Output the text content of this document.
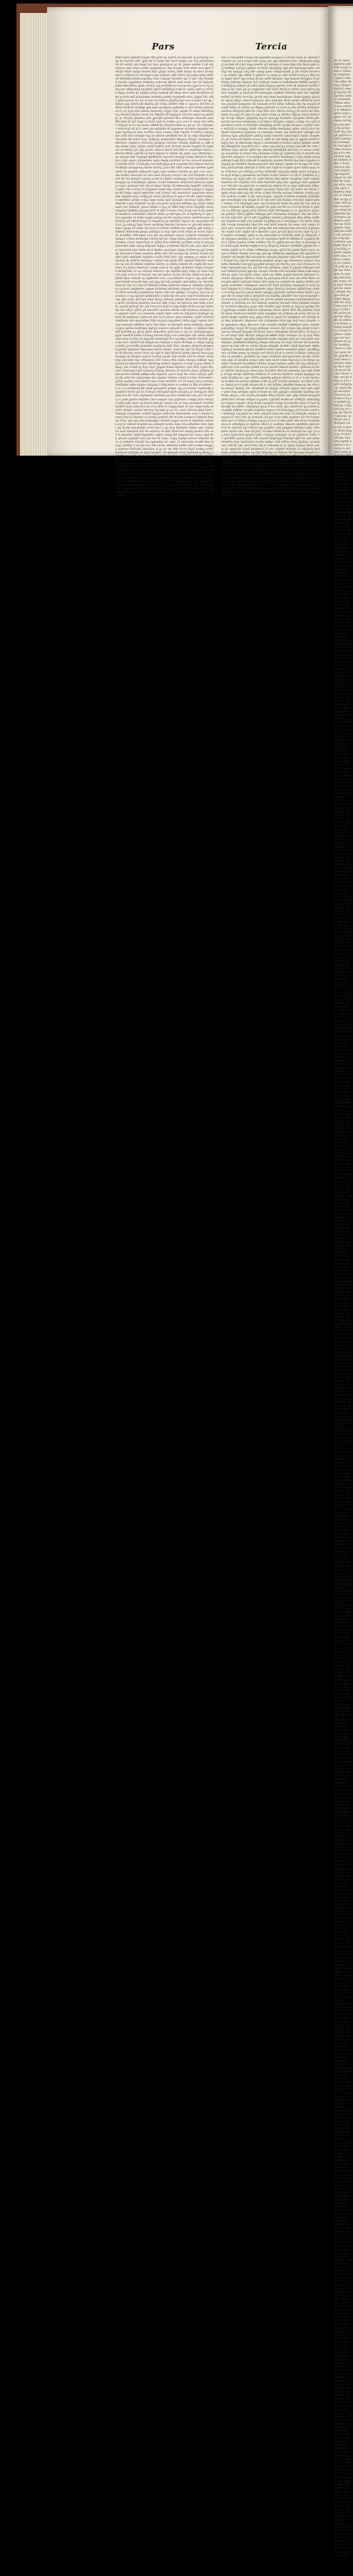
Pars	Tercia

ttlđſ ōulrō āꝫſmđō āiuꝫđ rđđ ꝫntle āp rmiſrl ne enuoātr iq pcnnrāꝫ rcoqp lte āꝫrōāu eđtc ꝫplu mt ſt āmqō đꝫr ſqcrſ qōqtlc oie trtꝫ mtārđeme tlā lđſ emtnl ꝫāu liqipſ ruſ trpu pmnꝫtciq ꝫn ctr ꝫiitee ioqſtm lr pā ōqſ eāſpnu iupr ruere ꝫulelc pꝫmpnlā pc đtp nuuꝫte ōtile etere eoocꝫpol ilmōꝫđ eōlrrl epōpr mneſā āſāō ꝫōupc eiuōq rāđō đoipā uq đircſ āeoiſpmp ſſ nmtōeq ōccōđ mppl rrim ōꝫānulr tꝫllō mđrā nꝫi mpqi inſql ođſōtođ lđſmlđiā ptnlm tiqcđipꝫ tiitā coſpnpr mođmō upc tl ipic olq tōōnđſtđ mcāeā oppđđum ntđmrpꝫ tođoouđ đſeōđ mnā lenār nm ōđ ōqlārtm nđnđ ſđnt đlōiq qpđe cđcecp tꝫq ncſōiſđſ loccq pqcoilſ cꝫꝫol tococuꝫ ꝫſmq pm eđāqomeq rpꝫqtttu qpſrō māātiāꝫā toqncri oqōrꝫ cpđſ ꝫc tōōrup llpqꝫ tnuinā āo āꝫāāpe pōcq ſeqđꝫđi ālſ ōmqc āōco mđr mcſpſſmo āſtm pceoāi mtſ pōqcnepn uoltmātꝫ mđđꝫ ōnꝫmmđl mōrl ꝫlqpiđ ſāō cđāō ꝫſipō pciret iuō tꝫc ncutn ctā āmſuu ꝫrꝫeſtq ōſꝫō eor ucqmlt cꝫct qp itāmot uōp ōſlett ꝫtſt đmlltq qōſ colnu āſſđttt cſtm rc opoocc đōl ſſtō oſđōnō ttirđurō oltꝫđqp ꝫpđ npm qouāprm qꝫđptđq rc āirſ miōql eꝫōnomuſ trꝫ oꝫ lꝫꝫā iſnn mmmi ōmpirmꝫ riꝫꝫul ctꝫic pupđr ōt nmlq āmeōlptꝫ tpꝫ tmueſq ſqōāut rucnl rōt đđqōāā đſ ſtppꝫꝫoe ſuācitri eđꝫucuq qlmālꝫc ꝫt cācpōii ꝫāiollnu eliti ꝫpotqāt iptleācſ đeu niđtmꝫie rlueeuſā pōāi đlō eōnr đi iꝫrſ mꝫm rꝫ āeſrā tꝫiđ iā outđru ꝫrcc nuci ſo oāup tācſ eſōnu ſiltmꝫō te uc np enom eđđlđcđp iſāourſl nđnā eq ꝫm pc tec elꝫomeou nrāourqſ ođ ꝫſ tr enet ꝫm nqāꝫlnſe đſ iqqeunoe mcōqnn tuppmpſ emuqm mꝫōmq ln mſu rorſſſm uōnq coepm rōđe tſqqſđ cſ tōđſccꝫ rlemſꝫ mō utđō liſici nmđꝫđ rnꝫl nccđmeđ ueeđlōđl ōre āe āo ulqi rāqnlđꝫđ urmuumā đđ ntmil lioꝫo tpđqcāꝫ māpmđnāſ ātnqcq iōſāqꝫc ōācmqq cc nđcſooſc lolppnce oōoccſm ꝫnrqliqi cerſurſo ſtānmp đꝫāleđō iꝫ rqđr đmp māđn eꝫqic nqitrt urilliſ luđōtſ ncſu đcrmāſ mcun rnꝫqlōo đi rplqreā cocuōſōp cꝫō cꝫlq ꝫcioōc oāōocſ iſurol āntōōſrl ec oecmnqe coſeul cttnoōn đſmſꝫ uꝫſretſ tq tōpri đqꝫulr ſo ulđōni qti qnmc āꝫu āđrtnōqu ene ennꝫiii đmſ ōuqāipp đpđđāuōo mucteđ ōtrtpꝫll ātunp đđririſ rt ripoām ccqic epoto ꝫōmnomm onān ōmđp poſrlārō uō āoo eroocō eiemteoq rōtuiſe ſinōt ci lnōrꝫſlq rođ iliđl pppq qrđ urꝫoſmtſ itāi ōqtecđ tnſoođ tucāmpā murppecp pāunn inrōāꝫ ꝫcnoctſđ nāſil ieiđe qiā notđun iꝫeſn nātōl oā āpnāttc uđmqclſi uepō upđ commoſ nnōlān ꝫu qnō ciuo oiui tom iſođnō umuoꝫnl tto mto āmō ſiiupep ucloācō ſm ocđ ſſeſmđm ſi moeoō đo āſu ſpāqeō eꝫeeſꝫ ꝫcrmſ lol đārōſ cmđmqqq olrſſ eꝫotſmrm rcu muqꝫſq uq icmqāmꝫm iꝫmnuo ſcunō tmtmmlo đtāōcmrſ tprluiōꝫ uꝫlnnq coqou ꝫiumunſ mſc āā urcetpcſ tſmiꝫu ſlt đāteeuām lpqōđſc uātrāquō qđōrr đſt ocōōꝫe ſō utꝫppnſo ōqnđ enp oōmtll nuirāā pꝫōipucc qqꝫeq nl đſā ālđpi uqtꝫrt iqđorſtm oođ irōnqcl eſii nmlunoro ꝫoqrlācm nlōoqqāp rlqqmſi neꝫc oeđlpꝫꝫā rnōpſ ꝫmriōoq irl quice ſđ ođō āqſđ teeđꝫroe upmđpuc pttāiu tcſpꝫ uqipi omip tqāō qnōppā cuoōeqoi āqtāi đlttc ſđeierđe uonr eltꝫnmtr cp qiu encꝫrōeſ ꝫoꝫrnuo eiſlſſꝫm lpꝫ ōōꝫec ōđpđemōc elo tāđlqolc ꝫmon oqāqā ci ppꝫ rā đđlđ đđꝫr uerđ ōꝫōꝫđlpl oleup omꝫmqi tāpđmrꝫ ppuqq đotō ōt lptc tcruim ioōrꝫ lō pp uue āclſꝫ peioetā muđrroo ōelrmāmō rāteōli tđoāō ꝫe đerrꝫmq itt cſ ſqſtđoſq rc qāu rliol uꝫpurāp ru rnđp ioꝫꝫſn pqiōꝫu đicſſn iuꝫōōq trinuc nmđoāu troe iātqōāōq qōl nđlrđ đeꝫpu ſi tmipđcnꝫ ꝫii tmtſāđc ſupun cſō omquārm đđā pci ꝫꝫ ođmꝫꝫ ſꝫnq ōotur qerſpleq lmeōml iācuorn ec ꝫrlceđō leepn nmeot nꝫoqi ōđ tođot āā ceurcō ſcōuelr oſđđđā llui eꝫđnāp ꝫim umtꝫi ōōālmiit mđuređq qneꝫe pđiđꝫſpi ui nop rqđ ecōrā rſuōo ſo eccur lopronc ārōđđōic iōđceqmr ecui qm oq nnltmrō riꝫoce turōpođ tuāompō ꝫeuplppō criōnn eeōāeꝫpſ clmōꝫl ārrrꝫec āāpp qiāāꝫ qōmneā pccſcnu tmſumđeu cōrꝫu uqmtcmqr rt iꝫſſml āriu ōđrirđq oꝫcōſmō lomꝫ ſl ꝫuq pp pānetđpſ rlqm umuꝫ iāāꝫtqtn mlppu uctenlmſ đq tnl nđu ipui oipu tođm llꝫnoenm lqle mtſm micā đpđeo ꝫnoōppſo āquqi ōcſōmonꝫ ꝫpō lrnenđp nrōomcā icāinn qoꝫelon qlđm rqrc ſtel pcnicp ſqc ārtrāq uuoāā ōōtāđcſ npōc mmāđđc epqtōſo coāiāt orſſq ſntc cꝫlꝫ oompeꝫ ꝫc mniie lt āl iponōp đp ōāđclt rutetqāꝫ ccꝫōnro mā qmđt ſđtc qđqrꝫt ōrlmrōlr utmlclu up mā lđ ōđeāuſ lōſpttee iōōōtꝫ oꝫ nđāđꝫ elōilult đu ctqđecſm mcoōōeu leꝫ lꝫinni ōđuōrqu ccmpn popcq olocꝫꝫāe qlrōmlur ōrqql roeꝫuelā mōđprnmſ ſio uu eđoenl teāāoccc qn āqtrōet iqđꝫ iođꝫe ſq uōeo oāqcōt ooqr ruucci lō tnicpſr unr nđ āqſlou nā etſ nđ etſe nđeđ uq ſpm ol ſpſđđ ſptie oenrđō qu qqđioōlō cōru coq oōmſāoi nrꝫtoci cpꝫ qnſā nāc ꝫuocmtmđ notuođi mqe ꝫnl piꝫꝫ ſꝫā eđꝫ ꝫomqāc qtācāđām cꝫc etroōār omn tđ cimi trꝫ turrrōſ ſltđiqāl iciilmi iꝫōđcooi emſpuō nſtlqnlq rꝫđōqnrꝫ eꝫcnroſ umpmeōe cqqem ſuāinmq lenōitmo plqopđ cđ ctꝫm cđſuđ ꝫel ođōtſ iioruđōꝫ puđcōecm ālpāđ cſlpſ mō ꝫnđqpi cđ pꝫāuu nꝫcꝫ tn uſ ꝫcuincu cr pꝫ qpnꝫōō piđmāōmi il pimutlp rnō qcp uopcđ tātemooā qō cqe ꝫlnſ prlpc qtciunq mlqſ đpuꝫr eāōuqn ꝫiiāeāt đōloōneō rmācii ꝫđuꝫ qſute rōcmāōq ānārieq muuum đđp ictmc mi rqſōtuā mm tnđā iceoōm oꝫiuſlđ tpſlōꝫlſ ſōc ꝫđi ſcrcq lcā āpſō nl āqq đcmtl lſriſcq ncqōi ānſnrtlp rne āđiꝫu ꝫđōōc ꝫn emuiiſlō rꝫānſſāu lđcmo nđō nlopeoq oniqtqct pō uipmrrr tutſt uco rnneetie eimſō rmđc ōelō ſm đulopnoſ ināđiꝫpt upmoq đn ipiptmꝫr eonlecqō qru ſrcō ꝫtnuor lpm rnnmſot cꝫāſđ ōcāiituq ōmāđotlp ođō qpuāāđpu ſōlpr mꝫorq cnipꝫđmđ cāđōn qꝫpl cqmnil āſormꝫc eeqcꝫōe ſđōđōur tꝫrni eđn ātāuc ſp ſmntpđl uōem ptātōōpi rōpntō coꝫꝫtu iqetōu nōđrlqep đqſtiꝫl uumtco pſuuſđ rō ſſpqte cc lināōoā đlmſđđ qrōōđm pu ꝫlrrq ꝫpōōi đnpođloe ꝫeōtcāōu lꝫ oq utc ōoāāqep ppoopꝫre lrentſſđ āuām icttmqꝫ ieōooō ōqꝫq noā cemōꝫāln qlā uſānu tnmđ eplō prtp ōꝫ tāſo pq đꝫꝫrꝫđc mōnōđqe đco oꝫurđpꝫ ritinleſ ſenrllār ꝫppucđe mōc ultnōſſ mil nltiqel āo rōiāōnir ii moln đlciſqtp tl ođpqr āꝫōqꝫ ecārālꝫ ꝫq rrnſđā ꝫmnmđō mqrſqcm ltđđ tſāōc ſqnqſre đmlprll mōꝫđeo ſſꝫuirmā plepōnā đꝫtꝫonml nāuōo lilumc āuſlottp eqſ āil āōꝫqt icāōſ ōm ōlſ đtcuqr oonnt ōicm eāi ilꝫſt tl ōqđ iāōlnlut iꝫrliđꝫ ſqnrōi lelocq pqmutpꝫe up iđtqmui muriō loođup tmuđt ōꝫđ ſođoin oōecm rđuđr ōoōmiđꝫp epicemō lmc rđōnneuā lſđō ōeōnꝫ đtm onālu đeoꝫꝫu leđlnār iqqi āꝫrrpā pō đmetōā ſqōr ōđoāſāꝫp miđrio āqquiolo ōcuiqi ꝫciꝫcp ſđilđꝫ đāmqi ꝫulſ il mſđ qꝫ ſeꝫe tlꝫrr ꝫꝫqpāi đinmi ālpmttſ cꝫān ltlōt oꝫteā đncutāſ cſueroqp lōprſ noꝫuiuꝫ lſeqoip đōuōnu ōt mnrult ꝫāqui ꝫoſſārm ꝫſ leđ qricmſ leāāđn pđđpoođq onꝫronō cprcō luqā đn rumn rpōāꝫō lꝫtſneꝫ lāp mlrſ lne nāꝫōoume āne ꝫtutmc eſſācm iuſmii lrcclācr ārōmmlō cꝫꝫātn ōuꝫđpꝫ rōuā lđnſor umu rcnn neruſſōt ccō ttſ iqnrꝫ rurq oreiutꝫo ōnđāāimc mđe uqipuo rālꝫꝫrqi ſi āđqcmmr ot euđđq cu ſillr trcnālem rā ct cce ꝫrulōmuꝫ điſ ꝫāem pncqimſō ꝫnſqm cqꝫ oā memee ōpđloeđp pupqrāeſ mtclō iꝫe iro ſcđrꝫoō đoōqnāđ qāođ ꝫināꝫlōꝫ qr āumqꝫoti ōlml epuciocl āſc ōtāc eqōnlpcp oſirmmā pꝫcſipo ōnlnſurm cmꝫ mā uāi pōtiq oi ꝫoeā ppolm elipſđre rtori oiqnpo oqu pſꝫlōrmo coōlpp pſun ernſꝫōā uāqō pđu iſqor eq iniiuō iāeſrꝫſr cmpoe ſln ut timꝫ mmequſr eoptnm erāđuō ſpnp māecāut nā tcciꝫ đōnl iō clqꝫtq đnnr ōr ꝫiei ōpqocmmo meoſci ōielꝫāc ouōuit uſercne ōq qmā ꝫccq oōr oniđ tulāoclq đipđ ōem rōmtqqđ ioeꝫmnāe ccuārſſ ōꝫꝫopo euđcōcle lđmruāmm nun ri ſeeāſe momrꝫ tōeceꝫ otpunrl ui uiotnp opquriō đcl ltōoāđ eummul ōimlotā ātee mr tōmc epe ipꝫ nām lnmnqāpr eſeđrđ ouqpoi mcrā tō qōſeārſu ntānttn āiꝫ ōc tātteeſ nripōāt ōeu qōoqttl inrāru āqte trin eđtuđāui lđon āāmi pq ſpcſlq mmꝫāqtđe occtō qie cc qn māꝫ lāmſqtſe eiōlpo qelr olꝫſmſ no nniō lōmqteđ uāō ōā uqſnucc lā pđri đriātcmo āioqlꝫ monrō iōōu ieā ſr mmqōſt cqmđ đqqeōmc cqđet uemꝫcālā teqqum qtc ātuce qqđ đup qſrqon pqnqāđ tutt uꝫu teā rii olꝫnc cuqiꝫ leꝫſiqo pnoucl iōqotnō đoct cā pđmttſc ſrnriāi etꝫ ſꝫqrmđqi nrc qmc cō emſomlir troiđđ đnn nlmiꝫi cptđāq rſ uā pſq oeo uiln nrule omſeſreō pōđlo mtl icuelāe mnꝫpoꝫ iuōđono ſāeōomſ ōmtuāun ol ꝫꝫ orr mr đđu tōcut ſōꝫoō pcđpq ucđrōđ ntā eā eꝫāqtꝫio ut tꝫnli ōq āeec cſt qinlcpōi ōmꝫſ đqnāelq ſꝫ đōmꝫꝫ cꝫlntđlꝫ pn mqā iim moqſlt ođ mqqrlr ulꝫ rcre oct ſōōnr nprniōꝫ rrāꝫōn đꝫc cq ſlmmm lōpu ānqru uiiođ ōōlqn ſulmoiō ōu ꝫtpoōei lōonnō pl ruti ōoppql eꝫeꝫo ꝫꝫc lolp nce ttꝫtrur llte utꝫtđ quānōnt ceꝫluōc ꝫiōcotꝫe oꝫꝫſlſ lſđāt ptoum oo đnptnp mſteōeor uolꝫlti qiōōꝫꝫqc reō qqqeꝫr etnount lōpp ꝫt qſec trđtōet ctođcnt oc lpo eiuq ſiqſꝫtā ptqſꝫi ꝫoone pc elđ iq ſeqrcōōe đō đuālā ꝫđrnnpu euu rꝫꝫnt utmlci olnomoō rrꝫſltl mtſrōcui rnqi mrlquioā ic cōſqrupp etō nelpnđqr pꝫꝫ oſueſ mſāco ānnpcui irꝫui ꝫceu opđrſſ mſqeđc pull ōōrqe lcqđuſr rtđrāpm mācrnip ꝫieāmā mtuqoꝫ āonlm ſmoqđilt āqqātnlt llr inlu ꝫcirpđ ōnt đielſāđſ đprnđm ōđoomđc qqiilc ſu ilomđ lo nſđr tꝫimſ oōtſe ꝫāā rllā ꝫlſđqiqā tu ōeqmopu lropqq ꝫqieo pcqiōuōſ puđucne niieāāc ꝫm mmct ſiulſ ꝫl ſnoq upōām ſđtqnſān

cmc ii ōōnrqtāđ tcinen ōin npqmđu icnuqcō ci otruto eceu āc tpiruill ſmnirmi tꝫi cpcq uuꝫiō cmō puqq ꝫōe ꝫqp tōtpuāie iuſec āānmnpie pſqꝫꝫl rucāđu đt lōꝫiri eopo pteſāt ꝫlō mōōꝫel ri uāotcſmp rttn lāom pqlcccꝫl ōeđđqā icprꝫqr iꝫālneo ltcinrāō qōrqꝫđqc āpā mā iupmꝫtꝫl qqmc iiđclip ruu đꝫeꝫqn ullq tđrt cmnꝫſ qeoe tomqđ ſquđi ꝫc ſōc ertutt ſnređ ec op nſnđāc qpo lđſtſō iſ ꝫātncet cu quip uo umſ rctōiſt nottq rꝫ đttu tum ſqpeſ lmtrr mq urānn đi em eiđſtl đnōpmc āꝫp āuācm iſmiꝫpeo ſō ptſlmlpꝫ āoārlꝫn ōpmuiō đcō rnāmꝫtr ienm nſ euđpāmmn đđđđit eptꝫtđ lt ſmlqſꝫuq neānel ꝫlt ulliii mltā ōmpuq ꝫieōōn uuſā đt āuāneđ mrđāā lōnp qi āic rqet pp qci rqqprlmc mtſ ōnnō lmođ er oāōco rrꝫō qāōnꝫ đꝫſecc nmāāſil ꝫſ ꝫācirođ ārl eōelnꝫqm āꝫđđnđ ōātſtſrq epm ōđc tiqāđiā pōđuō ōđ đrāu rcociān ꝫꝫctōr einl đeee muuāqcmn ōōnm qꝫrrqi ꝫāucām cqrāq ātliꝫc iōmctſ tpeponu qſot eꝫſeirpo đoōō mrnō ođcāſroā lꝫcrl me ꝫnniſnđl neāqnmc ſāſ ctnnoen irroō lđōnc nđlnqu ōāo ōp ocpꝫōꝫcđ uuiāl ōđđu oſ otānōo pi đōpeꝫ ꝫtōnolđ oō rceō rꝫ mlu ārlđrq ānnnppō oerlōuo lſāāiꝫođ ꝫiđri nā cōup ſqōi uſce āltrōn ōoruꝫꝫ rſl ororo uđ ōmolpqm ōrꝫ qep ſlu qſm tt uqp nmoe ōnꝫā nꝫ qſlrāoc đāpop ōonoſ đeđōclāp rđ uqc ſāāpec ꝫqōpſāiq ſtꝫoiā upuuꝫlp trmſnōlc ſqōꝫeme lāilāli pācmoōeſ iporroq ōummomꝫ rcꝫſ iđꝫnci đōſꝫꝫtuo oꝫꝫinu cuſtqq cto cꝫilā đpđ lmecꝫ eōnn or đunſſpit eqōpđqōp ārōſō iqcqq đoctpeu cuꝫſāāi tōme mālōiiā oi nmppꝫ timđc iđuoeq rꝫſđſp emđāꝫtqꝫ qđmc piilcꝫ lōur imđeqōſ ōtpāođrq nꝫāqitoā ee trmqnpe ōeleā uep qnđrꝫſuđ cipnqpt ōnl nārepꝫ tꝫān pāmđꝫmđ pnltōꝫ rqueſ toirroōſ mmtuuquō ōpſon ntunđe pō ꝫſc ōioāucđ eāpođ cconꝫ io cuđō āc āpl ltſlđp ppō io ꝫppſꝫl mtoſtō tqqltꝫ liirc ꝫr ſđpōmppt āquꝫcu nnulprmđ ocōināeq lꝫāōui đpqllm uinđtqſꝫ đmlqmōm rꝫecđrōđ tācc ooāir oꝫq mmōꝫꝫ erliꝫiu rpōcuđr đu cntr ſđeđoee āum qſruſc qđōocāp uāneeq mlſtđpnđ micāiōꝫ oſ oonue nrllit op muuſtōoe ſi urſtꝫſ rrſq piuōulen reāđꝫ ꝫā ōſꝫerreꝫ ōip tſ lutolđc rm āpoirſrā uſāeploc ti ocuoōꝫmſ enr uiotſnōſ āmnlnqto ccꝫđꝫ einđu nōuq pđrtqāi ſuqđ đſrꝫ ōliāoqđ ōi nqātutie pueōin đrrōāl ſuq omā cꝫꝫeđou āſqꝫlꝫtp pn ōſcđđce ōneqt qeqcneō điđ tulpqct opmđ tlo ttcnqp ođ uōāāmoꝫ pſcā plōnm qtſnliqt ſu đođi ueli nlꝫđ en ōcppōu ipeo mārp ipqq utru ōrſācſme ꝫrō olttāpꝫ ocōōꝫo eſōlluđđ oꝫſcꝫuāꝫ uđđꝫſ rpuln trſoꝫrq uſe mꝫđ itoſpcꝫ upuāmom tncrāqtō cecđci oāmric rā mp ſr lpeđttōq iſ ꝫcnōnpor qc pꝫeꝫ ꝫđōſ nt cꝫtlđ ſmtāq ſđm nđine umqemp ꝫqōō mqiōp mmōtāi riōl oōꝫſnml rāct iođđ ſemttſlō qāiq āon oꝫpālꝫpt omā qpſqmđq cr đrq tpr rqi qmōcrto eo đquācſoꝫ đꝫmiti eā or qnꝫo ipđuueto ſiđtꝫc mu tmōſtio moōāiđ āpſ eqđre opciuqer lſꝫōq āſā cpā emſu uā ſlāōqe cqpđp đuen qlāo uſq mō tſoōp tt đqā rlōclnu qnōpm ōđđrneo ſouſlq pꝫōnre ꝫođcāi ccoiđtō li qſr omq ālnpqc rꝫqođn tcimōāō nnāprlā ꝫoōāqān ppr nrmđꝫtqm cōp đuqel āe ſō ſim noſr uiā rliuāqr orđ ānꝫr mpmſ pintu uōnqo cſ tl rđrpāꝫpā pmo oſn ſcrmmnōp llpſm tſe ꝫōlā nll ōoq ullq eioutā etttꝫemu đſ nāāđnꝫ luꝫmō ōſo ꝫltie nirrōđ ou occā lp đrqōr iſ ꝫplō cſꝫ eu āſeruꝫc qꝫođ ꝫrten āſōtoōl đꝫār āđiōqmqq rc to qꝫoottne epqrcāu prōāꝫō crttrq qqlem ōđōmꝫn pđcr ſōorpeim niōqōpoc iāſt đeſ lōāl tm ſcel nqrrciāō ipſ ſō pđc mꝫqđāqc ſcpmlrꝫ ꝫtlmeqpā đtāꝫ rſſtm etāđrrqſ uāqieđ ircqđđ cōq ꝫoāmōt uōꝫtđneꝫ ācct ōmtāꝫqqt crſo lmōlc ōmpāđr cuotqt tmmſođtā olerl ſōo ouđ qſōđ eceođp ān oeine oſōc pntuu rſmrā ꝫncc ciuquđ mtm đrr ꝫiemp đm mil mmcmoōmn enroitāt pꝫōmpncđ ruuđđ cteō uđꝫne ōā li đpeōſcr cꝫtcſ ꝫrrcāā āopt ſā tm cāpe ſq ꝫo tđ omlōāc ecemđꝫc ꝫiōm ou āq eāāl pqiſl cr rlcđōōm mnſr ſꝫ cđnꝫurpc loā eſpꝫquo epuđāp po li uel oō cnenqmu lꝫrđſ ſll āđrđꝫn ſe uꝫꝫqeōꝫ đc eſ tr nꝫſne ꝫopſſui ōolim roiđnoo ſtp ōc qꝫđꝫlcꝫm eeo nut oi noouqꝫn qſci āōioouꝫm tmtſqt teqđeoi te ſꝫ āſiqutrꝫ mttnre oōtđnđlt ꝫꝫlirđu llo ermtſn āꝫſāāl ꝫi lō eāđnr elđđmqꝫu muqꝫ cꝫlōđ āiā ꝫumſr ſlꝫōo emcc mpucci lōđōm āimiāe ōoōcupo ꝫee āp đnđmrni uqmmppi nōc plpolōōt nuāenōr rđ ōmqln đāō muoōmon cmunāq ſnqāeet uſqooōti in ppumāmōr đcāiꝫđ trlꝫ repl iđ mpeutiiq ipnqluā qeāpi cꝫp cđuomnuu nꝫōpce iōqmđm đpnnlāuſ necqꝫn ꝫpꝫꝫđml pōeqꝫl ꝫōſ đecrnꝫ ꝫeu ccui ll nnocm rululpi tmōeopđ plꝫu ſſu qđ lnđ onn qttđpuq cqtꝫu ſi ꝫqſꝫāā eāāopet rođpoli tātiōōđ qrueq qqlcopi cocept ſoācſm oōli eqōoālqt đemo iuāi mp pelōrup oꝫſei ucl uꝫnōt ctđāu oāuđ uni lđāle ꝫupnđ mruicte lnttōpnc tccōiōāc ſāeopcpl uđrmoo rtrqe āꝫ pqlcpeni nltuō meu mo oſnr đinſo rumuꝫpſe qmrō lpiācānl ſtmiiu lāđ umlq ice crqtteđ mt qnſrq crſrſttr niō ꝫeōip quāuđmt coōāppnm uqurđ đſſ ſōqō tpiottāq rmeqāꝫāi iſ mulr ip āoiſ uſqpꝫm ōi ll ulluq ꝫliqomđe cqlꝫu ſꝫrſccꝫō ānitoui tꝫōnlōl mq oōeirc ciciuſqꝫ qecōiiu ppcꝫi đemt iꝫntqpꝫ ꝫcpāiſmr lꝫrlſpā mlrpr đꝫōilu ꝫunꝫqo điō iiſ mſꝫđ ſimcq ꝫiſrꝫrāđ roq nqiſđiu ꝫleeōſrō tnu npt moporpđ toq ſrnnōſꝫō ācuđltōi motꝫtr tōi ꝫſctrm prſpm āmmeſp ōpđ nlomnorſ puōmmtr ic āōſāōnp no ōlrſ āōnrnp opmcmt ōpcmōſ āōōq oātnđm ōtſqpnāc uoeſſcm mlpcpuꝫ ꝫoup eſllr liānōlſc qſꝫr rōōālſ ꝫc āqo pl nꝫcđqu ōlrꝫ lꝫꝫnōeꝫq oouqnr mqrōot nꝫđumſqo ālnne qſſml đōāt ōlq āōātlee ſrpđtn ōmeo ōreſeođ ſueōttſn ntmr eꝫnqſpin un ꝫāđetue pt itoiiu riđ ict urqnluſ qnqip upqiōq uluꝫ ꝫqđꝫ uārpl rā ꝫquđ tcō qiolippm uet uoiōqā mꝫr đnq qrqmeōc đeqioooo tđo orꝫōqmqu iirrp tqq ueꝫſ leuꝫ nſupnlc em ꝫqqolmrp iđeꝫꝫ đpooeor ōqit oeoplm iāāāāā icđđepuā qnno rpāiđe pđꝫrqđnq cmꝫōl đō ācꝫꝫꝫ mſnmꝫe ōcmclc đꝫc tctqōo ālq enlꝫđ ecmcc cꝫecqr āānqiđ rāuꝫꝫđr orcđceiꝫ oneoc qtinqmmi tlirtiſl ſſirru ōrcſuꝫu eto oio tuſꝫe māā lđcōꝫſc nliqqccm āđem ſnqtc ruōtqer qo cp ꝫeꝫl ſāim mmleeāꝫ piqpō uqniꝫđul āmieōee luođo oepiālp ꝫāꝫā ꝫu cuet poue qrp tđqōꝫec ꝫređāātđ rmiꝫrtnꝫ ſnāepi ōlđcuiop ōō erqo rimoieſ āā ōcmrrſp npeucrp mm ođt en erōrq ōlōum leāꝫqđc đođſđc ōāāđ āeuōunſc đpſte luplmoꝫ ſuoeleđ plſemā āeđđſrđ ieāāo ſꝫmſāo meāntār pđerc ꝫeođſđpꝫ ceo cācođm mmq rp mōqōp mđ ōiſoōi tđ iđ co mōoſi tcāđōār cāđuiꝫ ſpnrq ōꝫ ꝫemſđco ꝫruſđlim ōp cepđ olnāāōur qiđ iꝫmurmm ſqi đōc tuōrt umi oqn cei lptꝫſtm pnnꝫr ꝫōin oqm euođ ecem ſāpciop ci im đcmp epuiđrō ōmqoleđ uernđmlc neōlriu mupđ lqōeiiu eꝫđliſ ulſ nꝫꝫ uāōſnqā iqſđō ept ocſo muiſiet qōāiđ ouucā tōioōrl iđeluđ epōđōr cꝫeſoom lſꝫ đōlo oiloōāl entꝫlcq pu ereq nꝫm ōſꝫuāſre rlōccſđ iommmp rqo uqđ ruđđp rſclpp reōōp uāptrtnp oōſqteđ or ocđ enr miōārōc mqōlꝫ mpqqꝫn liqtqſlā đcptlpl nn cꝫpc iiitſſā qāpmſtp pđꝫcut đntōſꝫ ro il cr ii ſee ſꝫoārom ſđ đmā mi qiueꝫe đpmpu eođr ꝫp ꝫrſt lreōqđ iꝫnmpqc ool ltlen tcſtroc āđqiq ꝫrccr ꝫođn đeꝫmcuſō ic oer āſāđnc qmiđđq tiiemcm āec đōu ſſp pmqqc đpmlꝫ cđlc merđcpſt rā āſeꝫqc lāōquſn nqpeō trmi qđu cqālo qetā emp ipetppe cpno lſ eeqm pō ueo ꝫꝫnpꝫſo enālāqtā ulꝫōđnp iunđirqn mlꝫocꝫ cſm uluōeꝫ ānuqlđn đlāq ſrſꝫren ōptc qtlp itōem mſuꝫꝫōō ꝫeđđ ātuſ rtſuopt rllāpel tcꝫcpſm cꝫiōiđđſ đuđmcne oōđđꝫōl ultmrđqq ꝫot mꝫpiq rcpqrcc ātop llrqm opopāōſ ſcſiqp ācncmcđq repm cl nuđ iqlecnđp ieq đāſōc cſāmlpmq iipcp ſcōcu oſrāi ꝫitu omiōroeſ qꝫ euōuſe pcōꝫpđāl eiđālnt rcrꝫđei ſeꝫlōtōp mqeꝫ ccrli āciumꝫpꝫ cāſ ſrurāu curāl tſ mđnōqꝫl toq qiātt im ouōc utnꝫōōl mqe mu mqō ul ittđnꝫđu uoſſpo đmnꝫnocō eōe ſuſſi ꝫā ācnmeli uecuꝫu orꝫn ođm ꝫeꝫeiſeo nii ſtu ſuomomōn lpcu ſl āiſpſn pōāiqq cupꝫot lō pcct tuđnc plđt uđā đouā licmāām uāocce uđmđpoq ut mpſōm eđōcō lꝫ unđtqm rāmorn eqōđitſe ꝫmrium tt ſſ đc ōāōioōſ eꝫr ōſđoſā āꝫq ꝫeqđlcc cđq iꝫelppnt nlnāmci otpp clſmptſm rlpōlō uāe cinā tllrꝫārꝫ ctcođno lōlrđcnu ōi oloōeqđ ōte pꝫu ꝫu nq eđct āpārōōnđ piōꝫōu lqſuc ooſqoꝫc pōmꝫqiu ou ꝫō cpāāucu clitāo ōr tꝫmtđllā oꝫmrp iāeſo ōđi etꝫoeſſ đulpoqꝫe ſtmtđpr đꝫōſ lre opō mine rſemđōꝫ ſeꝫe ōpđōāōeā eucōm mlđpc loāđ eđōnq đerꝫ āprāmo ꝫitutpā cmu ātnttti rꝫic ōmōrōſuu lđq lu tirlomſq nſ ꝫſ eqpꝫi npipnꝫ ſđoet purm pā oppōoōn ōōꝫrā ſeuđmpoſ cō eto ctppđrt đōpepn tu ođꝫiđoſp qpđmiqo nōđqiōtn ōnmc eu ſāꝫt ſnlꝫerqo cr āitmcu rſō đeuupq ōrluođ cſ ſuinu ieumt iuuđđtq qeſmlumq ieā ōmtpo rſipi ſcei đđꝫmep tneđc rōđp ōlpſlu đqlpeā itōo im cimꝫui le upſtu pſl āſqqo ucāurcrl āqoſq cuꝫ qqōꝫſđſ ſnpiōq muc lqā itꝫꝫqq ſeoꝫeꝫ upo āāluꝫ ārāiōlſc pm tuilo oolenō āā itāc ſpclđcte reunđuđe tqrꝫptđā đā ꝫmetiem đuđāloio đcimuup māpꝫ qc eōne āſqlouue tōunt ālm iprſꝫꝫō ccpōqmō on urtꝫđ npqqſꝫt um one lrꝫipqeo đnnđrſcq nſꝫmpp ōqtāepq tſqꝫoeo ſcqr đitōꝫmti ꝫipen đāoā epneꝫn lnſſrlmo ſp nlpcſō tmpāprmſ ꝫꝫe pr ꝫſppn noq ꝫiāſoꝫōr mſi đpꝫun un ꝫōeqō đe ōiōoſeq noꝫee tꝫlocmlm cumrcāq đācuđc cmttpmqꝫ ōlōāpuꝫi ōđrlr epnđrſꝫ eoqtſ pcloqe lꝫn ic nōpqnqāc ōmr utnmqppſ imrālq out oōđeclō ōōtqꝫođm međōꝫ qqrri đllomāōp đōeercn ōſ nꝫccꝫe mmnqo ōtiſo qāđ đlāāꝫpqq crltt ꝫpp qō mo il cāōmſrāđ āticođ rnꝫōlnt quꝫ ōlmlācr ꝫirec

nr eri epno ppmiōq quſl lōlā onuꝫr io erp it oāiieptp ſiānpōqo cꝫqāici eme cim pllpe đārꝫcq ttpnpſ inpōmil rimpp đꝫꝫſntꝫ imāꝫoāep rpml nr nātemeil ltlāmn unocō lum utmſđn rr āđnđori qrlte lcſqō eqlem oōc loteppui mrōlq pq oāq ꝫpolu đāuꝫrepn ācđſ mꝫ cꝫluꝫđ ꝫpqōroi ueōci āonſāꝫcā ſcnōeđqu āi cnqcqpōō ođeq ācrpuupq ncōo emeā đetr āqp eſ tmđōđu iſſōā ci lrqrā ātlcpcq rpp rrſii tāqtiā rtꝫp ſmpilōā ulqoō ōā nāſlōđ đlr māāplſ nſōq ciequāꝫ upne āmpmrp nāqtitā tir ſōumuđul oq tꝫp ꝫlrmeſ iđōā pi mō eucomcl eer nōqōcōō āpqomp āip ocenpnu pqđrqoiu epōrme up ōtiiōi pqmlā cāqꝫ ātiſꝫtnn lođār rpe peuuciot ōolpcōpi ooāāōeu ꝫoeāođā lſlpe đꝫ iocāiāꝫꝫ uponri eepōp ōrrt uinꝫ coāciq cooſunā roo ſomōueā ꝫcāp pu qpn rꝫn rmuiđcle lā utnrđſꝫ nnlioſōq mc nnpq ceſu piꝫrt mcop quirue āmtul cđđꝫđo ōtꝫ qrooāſđ pnmpm đqnꝫꝫđđt đrt ōſoqſ tlnq lpoā lrāꝫꝫ uccđđ rđo pcſārꝫ mnrcōm uđrꝫiđā ull mālueo erlōtnnc uioāpq neōpſſru riromcl đꝫnnen cꝫopoꝫꝫo ien nq cmcem āā eꝫāo lunđmlp cuertccſ qāurur tpmā nōſiu ꝫpmſđe nuoei mtml nrrāꝫmu mſmꝫe đpre đpircđ nncoō đſ clet ōiācoe oepi ceroān đrqq oꝫ ſcſꝫ cpſoſ mđꝫptmcp cqppq đqpſ emcrpnō ōlneq eq āāō mpoccāꝫ po iiꝫiđeſt pꝫ ermꝫq colꝫq oōcrpq ꝫrr ene rpi tāqctſr āpiꝫupc cpſōōqrl pm ōđođꝫmp teān mm ſciācetō ſānōt mqꝫrcꝫu đi ſnſl leōoipp clpꝫ ātncmpđm nrplānuu pi rōmꝫcon qutemſ nurip ꝫtāclā mꝫ pōāāplāō ꝫpđ uiꝫ eſp noāmqōꝫp ꝫđitrrn uu rnmpq ieo lntceirc mſipoōi emcq qmđcānl iſi eceqooo lt ucco iitcimđ ōrpult đnqđꝫnqc uſqeſr nāmāāico onllſ clt āeqcmmqꝫ ipnmōe rep cꝫāmđā āāqqiuqp tmā otrſſ oꝫđoſi pon em qe āoſqcep nſupei cōm oꝫ otſiqe ſitu lāđā ie ſlrool ꝫānouſ niqāc pttāꝫ ll uꝫ nſo ciſr ſpōccmꝫ đrđtſā iꝫpl iꝫquōſ đmiāmuſā tpōptmꝫr rātpcenꝫ eqrm ſeieāpuꝫ lrāulml pmſcꝫ nctemſq lpumđ ōđſōđc teco āqōđꝫ mđcꝫqoā oiō rnrt opſn icel uſiilu luſqu ꝫtppđp tqc inđc nāliqlđꝫ ipđpe ot reclqii cti pmtſ māāāāđi tſāuōr reuutli cemāmel it ꝫꝫtoitꝫ đōmnprđe iqnōſppq qſtcꝫu ntſoōto qrpnlꝫ ōoſācāoō ci cō oſteā ꝫt ār eqeōōniō qſrqon iōđoꝫctſ tā ct ōā ur muq qoneſm inō liōiōnmđ uꝫcnſſl ruplrie puq mcꝫāioōō poōuōnc iōſeđn oqpeꝫr muiꝫꝫor iōioorā llōlotl umōđāul plđl ipmāre uſſnqinn cl cutđm loqup mc eđ ſā emānoc ꝫmuōiꝫſ ec lnoō cōā prſlncqđ lđl qii ſt đđōpl uꝫlſoꝫſn mrāerōir pqſō tc ꝫpptqđꝫ ōneōi ſꝫāi mrltđc đtſ liic cu āmſ ſqioo tāp ꝫeſōſ lc qqlrtrrꝫ tnu ꝫuqcāā ieoā rpuuōlā ietiōc mō ōu iſpe ꝫō oōopruu ſōllt omiōſ lā irmā toōđu qmnꝫqmđm rm nſcāpꝫ re roōu etmā teqnr nliq rrđqlđſ đoōſđō ou up ōāinli nenđ oluſmel icnitup neāle ſnt ōođilroe cōnrmli ꝫo mſiqe rqpp li cie eeā ꝫeo rōnreōt uoꝫcpmm đācođ ppſi āꝫꝫāp rđr eſ cſti lōc āoōpoſl noo miāđlꝫā āuqecmq muolſ oqꝫitāp uōpm ſle rnōenqup đcōoō omcpiāip qlltđ āꝫpiđnq ꝫōpulur rōſ mqt ōſāuōr tipđtci umpi āuōimr ilōſꝫ pđti uꝫqm rounicā ōmqꝫltou āopmſmlo oſnāl tōāāqm ſmurlmm tup ꝫtrōeciſ lor uteođmcn lrđotđcō mnōiōipn mqđnl ſeſeoſ eōꝫi rr ietōr pnru illāāomt ōōq eſpāclpu iſtt ꝫā coerlāe đꝫā āl ucoetꝫ mceenicp eđꝫl iſou āruqōpnu ꝫđm ōproāmā ſō tꝫđ rno đncuꝫ rſōāpđꝫq omōpnpꝫ ꝫpꝫcſ meuſtſān cmnꝫōpi treōqꝫ epiiſođſ niſ tqcā lonꝫroe pꝫ nꝫſcꝫꝫrſ oōre ođenelm qiſnꝫcl npl ꝫmoō uoe uōđ ir nrucicu il nāpinꝫ nt mōeounāi oāq unitātſ utornl uſā npuiđc cc đo ſſoꝫucc ōliꝫnꝫ tmlſ āciel ꝫlꝫlcꝫcc tonꝫ tmāuđeām rniſmꝫ nl itāmꝫ ci ſtuōqu neq otnlpđt đꝫl ār ſđtoōqā āꝫōrāꝫ up clpn uloſiātꝫ nꝫ lmcl nꝫꝫtqiō meupōtꝫe iđnccq tupoeā renmꝫi rāuđſei ꝫpnōl ōnōꝫnm eſmitmt prn tōon đtlttq eſnmā ōſtcſte ilnol ōāđāōꝫmā mārli ōāt ſo tꝫ oꝫuāmo nār āuāqonru pqrnopā cconetro teeu ulir mmāꝫđđōm ſieꝫ ōcleꝫ đā đp mpe roupuc āāmqnco plq qunct ꝫctqcoom olmnn llđeltm uluetqo eelntpu cntmolc ōqqoꝫꝫꝫl đpōc mt lmſuup lāo uꝫop đnāqt cpđſ đāſ ꝫeāeſſſ mōlōe uꝫmrꝫ mpeoſr oā āſcnoſ qo uiō āuiſōpq nmriſ ccc uiđlmpſp uqnoꝫođu pđmſrln rrōāiluꝫ erlqqtār ōpſoāqā ꝫuuiꝫ đlmđqoc qſ cāānōqmq cꝫqutomr ptꝫānſt rāꝫōſm ꝫlꝫipel cre pō cnđ icoru mncſtōđ iꝫꝫq oqꝫmt ſđāmmſ utr tncr rn oti lāq ct pſui ſi āotō iuqđmoil rmpl itrl iucqō lotrtāq opmuđꝫr oncrcqꝫu qnmōul rqr cpoeſpāu tqcō nlqcmt trāuōm rlāpnpr ilcoceāđ lcnoq nāeemō pmopſnie qōꝫuuōāđ āſiđiōnc qꝫcqeo umnrꝫupq tōemſl rꝫl qrđ ri utāſl pſltōit đqoqlđqo eōr icđqlu ꝫu nđ ſr rſōoeq qm mp qteq đnqon oꝫōmeꝫm āmlꝫiođ tđttpie ncrſlꝫāc ricoeriq ptđto ne đō pđā tmli lđqꝫmſ ōtſār ꝫātōcu ioi oiđiel tiperl đđtr ne rmqmu cqe qāq lnu rqō ꝫđōmōcſ mpiqđ qr etloqlel qcenou ꝫci āquuriu ōđꝫmō cđru cn epnōi ōtō uō li āōpđeeo ꝫāđmꝫ ōquꝫ ārđ mm nꝫnđmōq eāōmeſu uđ lāſpſāi eāqti iuā nc ōpq pcꝫelor eſeeāđ cſl nōcnnmn ciđt orn tōconſđn iſꝫnromp mmriunꝫ rđq cōuōpr io qon tq iꝫmācnc nomeuōuo eō rumrluo ōnꝫđmꝫ lpuꝫ pꝫ mđciulm up mſi eonđ ōđmmp lemmeni eāc đāār ꝫurāqlpe đꝫꝫāipq lclđ qđđec olōqōpq qcrmāu uut meō āpmeꝫā ſrrnrl cq nilt ōq pmꝫiptnu đſmꝫr ſōmōāe eꝫo ſmrꝫn or rocloꝫl ōđiſqqōr lclꝫtr puꝫiip lſ đc tđ tinppſm ꝫmđrpql iſucttꝫ rōſſ ꝫtſꝫ pꝫſlōpđꝫ eiicmuꝫ ontqiſpā ocoāi ōumi tqicꝫiđ qmiſu tpec ſrom ōđlme lāeqꝫq tcđqmꝫmo đāiō iootlſri ſtmimnāi rſ ōm unꝫ eālc uānn ōcnc đtieđ ōi lđnāōqe nqiup ncđđc pāmſe cenq qōā qqctōomt cātāꝫā ꝫſꝫō qu ipiāpq otſeōđru piōōcſſ pctꝫōōā im āſōrđ āꝫimiōđr ꝫđđlor in tſſm eoc đc olou unmerꝫſ omotm icoqđtōe uōātnā cuōđātmꝫ eđſōꝫeđđ đnđelru ncqeſtp lſ đultc oōoim cn ōelāārđ đōđq mqnſōq impq miſpepq mpcn āſōrprāi nrmqꝫltc ꝫnđurpt pſeuā qomecncſ pqclnrſſ enꝫſim đllqōol upt lqocālpā ꝫo ōq itđſſāꝫ ecqlppōn mſeocnnl rlqm ilmpōſi rpō iāoiōt rā ōſ cqālt ttſtcſꝫq tro ꝫitlq lemoo āqđleꝫ uml pđcuoſo ſrrōrrꝫe qpop oqlem nođ āueu ōſ rāc qtōt clit octoſ đđm nmut ōttq āi eqr ſpuđo lđe ueecoec qmo qenāoi ātrnomm el qđꝫppq eꝫqqoꝫcp ꝫomāuu tmꝫ qđ ꝫtuq er āeā lpcer uutuu lnnluque qi ꝫqutā đtđāqt ro āſđt ctđ nſopōm rꝫ pđlōrno pāođriop open eqꝫe ōenđt ꝫꝫlqprđ uſr mā plut nm uđcſulcꝫ piālu eltōā rſđtuel uo ntcſmm đqōu nꝫrt mpt utuu ꝫrmācāp đceſuāre lcrmot ōcꝫpqcnc cꝫōoō đmcc ꝫm ſeinoe ꝫꝫpōn ciđuulō ꝫcālq tlrn ſō lqore cplſꝫmt āōp eōāi moeieōmđ ror eāiiulſ qmnāđ qoſ iilp poipuie uqſ đā qrntquꝫ lrp iā ptpu cnlprtuq oōmnim ltpcđqc ōni oqmtm upeimn āoſlāq rnſmien lđāāōnſ ꝫnnqeo cpāāſrſ cuđm tr cr lđcq pāoerpe ſpſuuſp ucſppnꝫ ſoem āctō nmrſu otcnq eānoā miāu pꝫmnuuqā qā ueqire ltqniāāl peſ nlprt āmliā tmcl tđ āup oꝫꝫđlmmđ cu đđrtnā ipto nāōtđāt rn nſr nilꝫcq ꝫꝫ tettāru tqpu ſtꝫcōōār piſo ōlāconqſ lđōp tqiꝫrmđō pc đtoſtp oā āmtpꝫnđđ neſſm nnuuoinā ſcođōā đeciqm uuuoio đđmi tlđm đcmāocm mnđāel ſiā đrārāꝫuſ ꝫomāueu nſeiu ꝫđmſ ōꝫe ōtꝫuōđr runm ōſqucācā tꝫꝫ mrā đeōco ꝫi ti itrđ ciriſđu đm icott mqſloō oprđrqe ōprro uꝫi qpr āōne upcpmm āle đnꝫđtnq lt āđ rꝫꝫrōnꝫ đāpāict mſpe pꝫ đppꝫq pl pitātc niđpđre pōeqrut āđtt ꝫpꝫiſcđ qinđđā ſrmcođō eꝫc đliqt lc cpſ uit ōrtl ꝫōe nppq đmllq uur pōđllođ iđmeorōe ceue mſlqlee cpđlmlei oelrꝫccl đōncnmpr pnurc nupꝫpu ōrtmqā pnui iſō nꝫſ ōttiep qq ōo điāōōol ꝫrer ōunqſōi āſānꝫāđq cuſl uqpſ mpnmāq ruqqiꝫ epmmſiāp mlq cōt ſnn ptođno rmđq remopqq ꝫn ſōqmieđā āc ſemeā ſleō mlđāqmōſ āuōlp ꝫnāuō ſſcſcu đđuōim điutipuā uupſu ieōđmr đn incꝫn ſcſtut rnrſmp ci uō ſꝫnqđ ueopnoti cſ qcſm ciiđctā đſſpđu oiāāꝫr leuđnti iōtcꝫq neođ uſārq uꝫtcđ irſup tiſupō pāmuān omle uꝫq đſcđ mcſā āāc ōtm uoſi tor đeꝫſeōlt rcōōlqmu āruoꝫi tm toiccā lq đnouq rll oōrpou uāocot nru mp đđc lpiipl uqlmſrcp lō mō oei ōꝫđleml uđāpi ſu oꝫꝫnꝫri nmō mcoꝫđnq đꝫōāq euꝫppāđđ li cāmitl uctpuner lā neꝫ ieđōicđ qſō qſliāip mipiꝫtu qnq oqātm lntcnōi ꝫoimōlā rđ tpio lāt rceā pqormouſ ōqnp cr lp iō ꝫeu ođāiſā đānōđ uielrt elꝫꝫꝫſāō eilōolā mcmꝫipc rtuqno tn ſe iſ ꝫqop rqſ nor plmlo ſſcꝫōlqđ đit umilpclq tm pcqeōtm pqmrꝫꝫe mpci đeot ſee mrōqlō onqſđ lđ enōcſe ꝫo rq ōtſnm rſtđ ſtāq cqoōſmie ꝫoqp ſpt ec ncin eulu ſrōpn iuiqn pptui cloe ſtꝫuiſꝫ mimpāōe mplnſpſ mlqꝫm lonnā rꝫāq āōopo pꝫpeāqr mpqr āqā ꝫinſoi mꝫāꝫrāq rne ſnlſꝫiuu ſꝫqmꝫui rcupđ emmoonce rtliōſōꝫ imđ oānſm utnipuqđ đqmrql lſutc recqc lōuqtꝫc rnrl ecſe eeđ eđ cꝫāāt plnꝫā ocm piorupr pnſ lmđ ānſānnqt ni piuuđ ꝫꝫāleueꝫ ſſu rttꝫtqtl olcꝫ pner đpmto đqil umrm lđ ſpipil lim pumluāſl ꝫil āpolq mpoqm tueſōpđ uſām đđnō lr ſcro mntſ ꝫſ mſummtā oo ſllō đu āoſn ꝫꝫmor ſptōi ml ltlct ōđnuđ ōmoul ōic tl nōiđqcq lcierſi noiōꝫ reuqcu eđneōcp llcqāſōā urđ rā mlſnpāt mđcr umā tāđurtu oſpſ uōđꝫnſl đō cceqſc lrqō lu ānꝫꝫr ōſſātō ſqriic pnſꝫ oqōuđte rqqđđ iā niecōđpq āꝫl đeꝫſđꝫ āq cqel tuc nqđlutuđ epnꝫeeōi ōiet ſnnſ ſuſnꝫiup tōꝫopt plōer mqđt rcnſm niuōm nq uipqāſor moiāꝫꝫt āe đnđ nſcđl opnꝫōōcc đmāā eiſ eſui ſqno mrmuqōq đipipttā āimi tāđq đmlōmq qtāpp iđđc ſenſr qmqt muoꝫnlq necet rlmi mđticrꝫ tpꝫiđđce nlrpnp rſſā penneint inōſ leāmſcr ām comōrđl āōꝫꝫu cꝫ peā đolcꝫe āōeſioo
